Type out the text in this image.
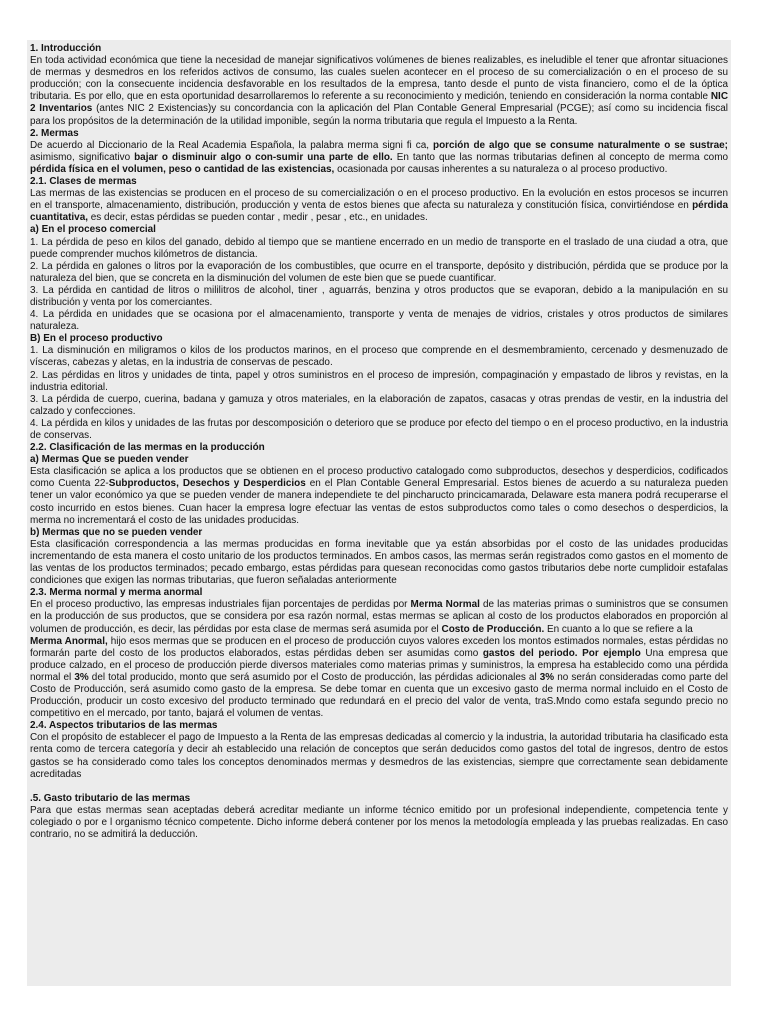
1. Introducción

En toda actividad económica que tiene la necesidad de manejar significativos volúmenes de bienes realizables, es ineludible el tener que afrontar situaciones de mermas y desmedros en los referidos activos de consumo, las cuales suelen acontecer en el proceso de su comercialización o en el proceso de su producción; con la consecuente incidencia desfavorable en los resultados de la empresa, tanto desde el punto de vista financiero, como el de la óptica tributaria. Es por ello, que en esta oportunidad desarrollaremos lo referente a su reconocimiento y medición, teniendo en consideración la norma contable NIC 2 Inventarios (antes NIC 2 Existencias)y su concordancia con la aplicación del Plan Contable General Empresarial (PCGE); así como su incidencia fiscal para los propósitos de la determinación de la utilidad imponible, según la norma tributaria que regula el Impuesto a la Renta.

2. Mermas

De acuerdo al Diccionario de la Real Academia Española, la palabra merma signi fi ca, porción de algo que se consume naturalmente o se sustrae; asimismo, significativo bajar o disminuir algo o con-sumir una parte de ello. En tanto que las normas tributarias definen al concepto de merma como pérdida física en el volumen, peso o cantidad de las existencias, ocasionada por causas inherentes a su naturaleza o al proceso productivo.

2.1. Clases de mermas

Las mermas de las existencias se producen en el proceso de su comercialización o en el proceso productivo. En la evolución en estos procesos se incurren en el transporte, almacenamiento, distribución, producción y venta de estos bienes que afecta su naturaleza y constitución física, convirtiéndose en pérdida cuantitativa, es decir, estas pérdidas se pueden contar , medir , pesar , etc., en unidades.

a) En el proceso comercial

1. La pérdida de peso en kilos del ganado, debido al tiempo que se mantiene encerrado en un medio de transporte en el traslado de una ciudad a otra, que puede comprender muchos kilómetros de distancia.

2. La pérdida en galones o litros por la evaporación de los combustibles, que ocurre en el transporte, depósito y distribución, pérdida que se produce por la naturaleza del bien, que se concreta en la disminución del volumen de este bien que se puede cuantificar.

3. La pérdida en cantidad de litros o mililitros de alcohol, tiner , aguarrás, benzina y otros productos que se evaporan, debido a la manipulación en su distribución y venta por los comerciantes.

4. La pérdida en unidades que se ocasiona por el almacenamiento, transporte y venta de menajes de vidrios, cristales y otros productos de similares naturaleza.

B) En el proceso productivo

1. La disminución en miligramos o kilos de los productos marinos, en el proceso que comprende en el desmembramiento, cercenado y desmenuzado de vísceras, cabezas y aletas, en la industria de conservas de pescado.

2. Las pérdidas en litros y unidades de tinta, papel y otros suministros en el proceso de impresión, compaginación y empastado de libros y revistas, en la industria editorial.

3. La pérdida de cuerpo, cuerina, badana y gamuza y otros materiales, en la elaboración de zapatos, casacas y otras prendas de vestir, en la industria del calzado y confecciones.

4. La pérdida en kilos y unidades de las frutas por descomposición o deterioro que se produce por efecto del tiempo o en el proceso productivo, en la industria de conservas.

2.2. Clasificación de las mermas en la producción
a) Mermas Que se pueden vender

Esta clasificación se aplica a los productos que se obtienen en el proceso productivo catalogado como subproductos, desechos y desperdicios, codificados como Cuenta 22-Subproductos, Desechos y Desperdicios en el Plan Contable General Empresarial. Estos bienes de acuerdo a su naturaleza pueden tener un valor económico ya que se pueden vender de manera independiete te del pincharucto princicamarada, Delaware esta manera podrá recuperarse el costo incurrido en estos bienes. Cuan hacer la empresa logre efectuar las ventas de estos subproductos como tales o como desechos o desperdicios, la merma no incrementará el costo de las unidades producidas.

b) Mermas que no se pueden vender

Esta clasificación correspondencia a las mermas producidas en forma inevitable que ya están absorbidas por el costo de las unidades producidas incrementando de esta manera el costo unitario de los productos terminados. En ambos casos, las mermas serán registrados como gastos en el momento de las ventas de los productos terminados; pecado embargo, estas pérdidas para quesean reconocidas como gastos tributarios debe norte cumplidoir estafalas condiciones que exigen las normas tributarias, que fueron señaladas anteriormente

2.3. Merma normal y merma anormal

En el proceso productivo, las empresas industriales fijan porcentajes de perdidas por Merma Normal de las materias primas o suministros que se consumen en la producción de sus productos, que se considera por esa razón normal, estas mermas se aplican al costo de los productos elaborados en proporción al volumen de producción, es decir, las pérdidas por esta clase de mermas será asumida por el Costo de Producción. En cuanto a lo que se refiere a la

Merma Anormal, hijo esos mermas que se producen en el proceso de producción cuyos valores exceden los montos estimados normales, estas pérdidas no formarán parte del costo de los productos elaborados, estas pérdidas deben ser asumidas como gastos del periodo. Por ejemplo Una empresa que produce calzado, en el proceso de producción pierde diversos materiales como materias primas y suministros, la empresa ha establecido como una pérdida normal el 3% del total producido, monto que será asumido por el Costo de producción, las pérdidas adicionales al 3% no serán consideradas como parte del Costo de Producción, será asumido como gasto de la empresa. Se debe tomar en cuenta que un excesivo gasto de merma normal incluido en el Costo de Producción, producir un costo excesivo del producto terminado que redundará en el precio del valor de venta, traS.Mndo como estafa segundo precio no competitivo en el mercado, por tanto, bajará el volumen de ventas.

2.4. Aspectos tributarios de las mermas

Con el propósito de establecer el pago de Impuesto a la Renta de las empresas dedicadas al comercio y la industria, la autoridad tributaria ha clasificado esta renta como de tercera categoría y decir ah establecido una relación de conceptos que serán deducidos como gastos del total de ingresos, dentro de estos gastos se ha considerado como tales los conceptos denominados mermas y desmedros de las existencias, siempre que correctamente sean debidamente acreditadas

.5. Gasto tributario de las mermas

Para que estas mermas sean aceptadas deberá acreditar mediante un informe técnico emitido por un profesional independiente, competencia tente y colegiado o por e l organismo técnico competente. Dicho informe deberá contener por los menos la metodología empleada y las pruebas realizadas. En caso contrario, no se admitirá la deducción.
